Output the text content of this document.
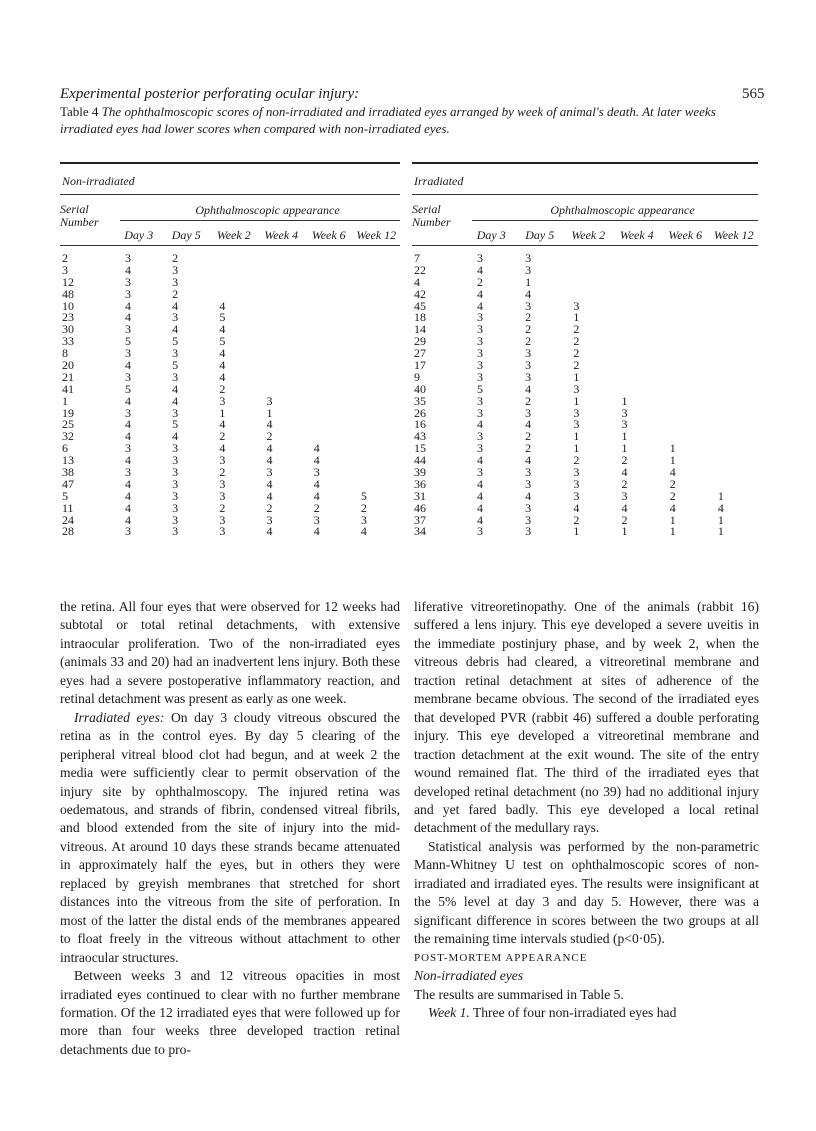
Experimental posterior perforating ocular injury:	565
Table 4 The ophthalmoscopic scores of non-irradiated and irradiated eyes arranged by week of animal's death. At later weeks irradiated eyes had lower scores when compared with non-irradiated eyes.
Non-irradiated
Serial
Number
Ophthalmoscopic appearance
Day 3	Day 5	Week 2	Week 4	Week 6 Week 12
2	3	2
3	4	3
12	3	3
48	3	2
10	4	4	4
23	4	3	5
30	3	4	4
33	5	5	5
8	3	3	4
20	4	5	4
21	3	3	4
41	5	4	2
1	4	4	3	3
19	3	3	1	1
25	4	5	4	4
32	4	4	2	2
6	3	3	4	4	4
13	4	3	3	4	4
38	3	3	2	3	3
47	4	3	3	4	4
5	4	3	3	4	4	5
11	4	3	2	2	2	2
24	4	3	3	3	3	3
28	3	3	3	4	4	4
Irradiated
Serial
Number
Ophthalmoscopic appearance
Day 3	Day 5	Week 2	Week 4	Week 6 Week 12
7	3	3
22	4	3
4	2	1
42	4	4
45	4	3	3
18	3	2	1
14	3	2	2
29	3	2	2
27	3	3	2
17	3	3	2
9	3	3	1
40	5	4	3
35	3	2	1	1
26	3	3	3	3
16	4	4	3	3
43	3	2	1	1
15	3	2	1	1	1
44	4	4	2	2	1
39	3	3	3	4	4
36	4	3	3	2	2
31	4	4	3	3	2	1
46	4	3	4	4	4	4
37	4	3	2	2	1	1
34	3	3	1	1	1	1

the retina. All four eyes that were observed for 12 weeks had subtotal or total retinal detachments, with extensive intraocular proliferation. Two of the non-irradiated eyes (animals 33 and 20) had an inadvertent lens injury. Both these eyes had a severe postoperative inflammatory reaction, and retinal detachment was present as early as one week.

Irradiated eyes: On day 3 cloudy vitreous obscured the retina as in the control eyes. By day 5 clearing of the peripheral vitreal blood clot had begun, and at week 2 the media were sufficiently clear to permit observation of the injury site by ophthalmoscopy. The injured retina was oedematous, and strands of fibrin, condensed vitreal fibrils, and blood extended from the site of injury into the mid-vitreous. At around 10 days these strands became attenuated in approximately half the eyes, but in others they were replaced by greyish membranes that stretched for short distances into the vitreous from the site of perforation. In most of the latter the distal ends of the membranes appeared to float freely in the vitreous without attachment to other intraocular structures.

Between weeks 3 and 12 vitreous opacities in most irradiated eyes continued to clear with no further membrane formation. Of the 12 irradiated eyes that were followed up for more than four weeks three developed traction retinal detachments due to pro-

liferative vitreoretinopathy. One of the animals (rabbit 16) suffered a lens injury. This eye developed a severe uveitis in the immediate postinjury phase, and by week 2, when the vitreous debris had cleared, a vitreoretinal membrane and traction retinal detachment at sites of adherence of the membrane became obvious. The second of the irradiated eyes that developed PVR (rabbit 46) suffered a double perforating injury. This eye developed a vitreoretinal membrane and traction detachment at the exit wound. The site of the entry wound remained flat. The third of the irradiated eyes that developed retinal detachment (no 39) had no additional injury and yet fared badly. This eye developed a local retinal detachment of the medullary rays.

Statistical analysis was performed by the non-parametric Mann-Whitney U test on ophthalmoscopic scores of non-irradiated and irradiated eyes. The results were insignificant at the 5% level at day 3 and day 5. However, there was a significant difference in scores between the two groups at all the remaining time intervals studied (p<0·05).

POST-MORTEM APPEARANCE

Non-irradiated eyes

The results are summarised in Table 5.

Week 1. Three of four non-irradiated eyes had
